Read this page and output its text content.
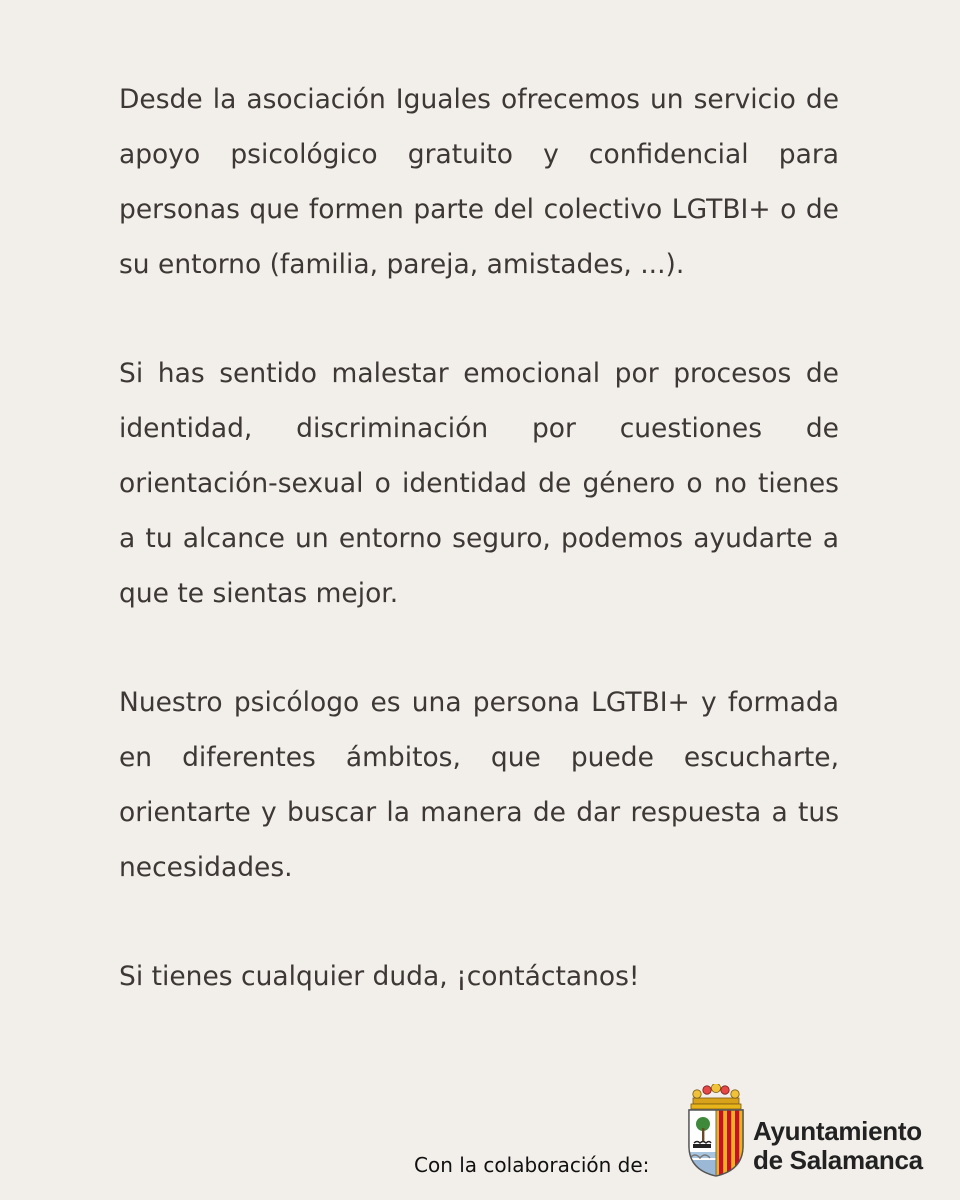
Desde la asociación Iguales ofrecemos un servicio de apoyo psicológico gratuito y confidencial para personas que formen parte del colectivo LGTBI+ o de su entorno (familia, pareja, amistades, ...).

Si has sentido malestar emocional por procesos de identidad, discriminación por cuestiones de orientación-sexual o identidad de género o no tienes a tu alcance un entorno seguro, podemos ayudarte a que te sientas mejor.

Nuestro psicólogo es una persona LGTBI+ y formada en diferentes ámbitos, que puede escucharte, orientarte y buscar la manera de dar respuesta a tus necesidades.

Si tienes cualquier duda, ¡contáctanos!

Con la colaboración de:
Ayuntamiento
de Salamanca
